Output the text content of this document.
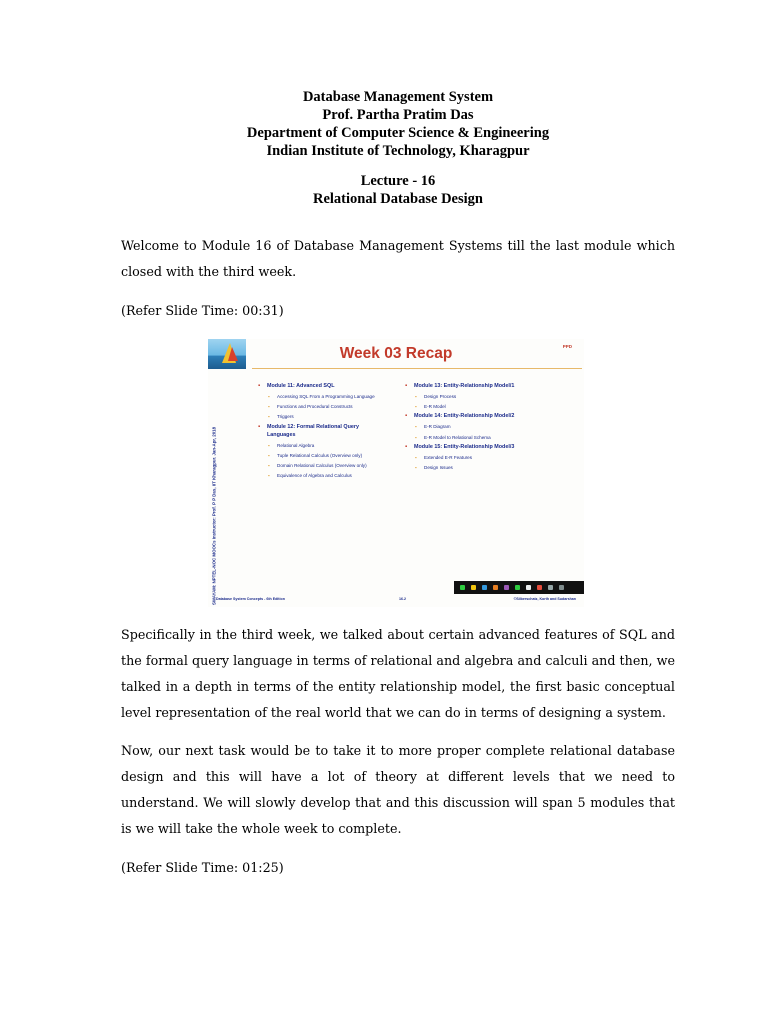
Database Management System
Prof. Partha Pratim Das
Department of Computer Science & Engineering
Indian Institute of Technology, Kharagpur
Lecture - 16
Relational Database Design
Welcome to Module 16 of Database Management Systems till the last module which closed with the third week.
(Refer Slide Time: 00:31)
Week 03 Recap	PPD
SWAYAM: NPTEL-NOC MOOCs Instructor: Prof. P P Das, IIT Kharagpur. Jan-Apr, 2018
▪ Module 11: Advanced SQL
▪ Accessing SQL From a Programming Language
▪ Functions and Procedural Constructs
▪ Triggers
▪ Module 12: Formal Relational Query
Languages
▪ Relational Algebra
▪ Tuple Relational Calculus (Overview only)
▪ Domain Relational Calculus (Overview only)
▪ Equivalence of Algebra and Calculus
▪ Module 13: Entity-Relationship Model/1
▪ Design Process
▪ E-R Model
▪ Module 14: Entity-Relationship Model/2
▪ E-R Diagram
▪ E-R Model to Relational Schema
▪ Module 15: Entity-Relationship Model/3
▪ Extended E-R Features
▪ Design Issues
Database System Concepts - 6th Edition	16.2	©Silberschatz, Korth and Sudarshan
Specifically in the third week, we talked about certain advanced features of SQL and the formal query language in terms of relational and algebra and calculi and then, we talked in a depth in terms of the entity relationship model, the first basic conceptual level representation of the real world that we can do in terms of designing a system.
Now, our next task would be to take it to more proper complete relational database design and this will have a lot of theory at different levels that we need to understand. We will slowly develop that and this discussion will span 5 modules that is we will take the whole week to complete.
(Refer Slide Time: 01:25)
